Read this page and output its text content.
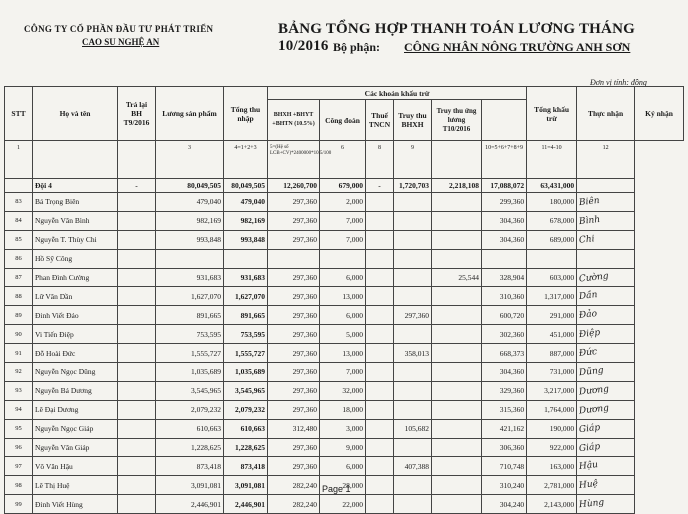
CÔNG TY CỔ PHẦN ĐẦU TƯ PHÁT TRIỂN
CAO SU NGHỆ AN
BẢNG TỔNG HỢP THANH TOÁN LƯƠNG THÁNG 10/2016 Bộ phận: CÔNG NHÂN NÔNG TRƯỜNG ANH SƠN
Đơn vị tính: đồng
STT	Họ và tên	Trả lại BH T9/2016	Lương sản phẩm	Tổng thu nhập	Các khoản khấu trừ						Tổng khấu trừ	Thực nhận	Ký nhận
					BHXH +BHYT +BHTN (10.5%)	Công đoàn	Thuế TNCN	Truy thu BHXH	Truy thu ứng lương T10/2016				
1			3	4=1+2+3	5=(Hệ số LCB+CV)*2400000*10.5/100	6	8	9		10=5+6+7+8+9	11=4-10	12	
	Đội 4	-	80,049,505	80,049,505	12,260,700	679,000	-	1,720,703	2,218,108	17,088,072	63,431,000		
83	Bá Trọng Biên		479,040	479,040	297,360	2,000				299,360	180,000	Biên	
84	Nguyễn Văn Bình		982,169	982,169	297,360	7,000				304,360	678,000	Bình	
85	Nguyễn T. Thùy Chi		993,848	993,848	297,360	7,000				304,360	689,000	Chi	
86	Hồ Sỹ Công												
87	Phan Đình Cường		931,683	931,683	297,360	6,000			25,544	328,904	603,000	Cường	
88	Lữ Văn Dần		1,627,070	1,627,070	297,360	13,000				310,360	1,317,000	Dần	
89	Đinh Viết Đảo		891,665	891,665	297,360	6,000		297,360		600,720	291,000	Đảo	
90	Vi Tiến Điệp		753,595	753,595	297,360	5,000				302,360	451,000	Điệp	
91	Đỗ Hoài Đức		1,555,727	1,555,727	297,360	13,000		358,013		668,373	887,000	Đức	
92	Nguyễn Ngọc Dũng		1,035,689	1,035,689	297,360	7,000				304,360	731,000	Dũng	
93	Nguyễn Bá Dương		3,545,965	3,545,965	297,360	32,000				329,360	3,217,000	Dương	
94	Lê Đại Dương		2,079,232	2,079,232	297,360	18,000				315,360	1,764,000	Dương	
95	Nguyễn Ngọc Giáp		610,663	610,663	312,480	3,000		105,682		421,162	190,000	Giáp	
96	Nguyễn Văn Giáp		1,228,625	1,228,625	297,360	9,000				306,360	922,000	Giáp	
97	Võ Văn Hậu		873,418	873,418	297,360	6,000		407,388		710,748	163,000	Hậu	
98	Lê Thị Huệ		3,091,081	3,091,081	282,240	28,000				310,240	2,781,000	Huệ	
99	Đinh Viết Hùng		2,446,901	2,446,901	282,240	22,000				304,240	2,143,000	Hùng	
Page 1
